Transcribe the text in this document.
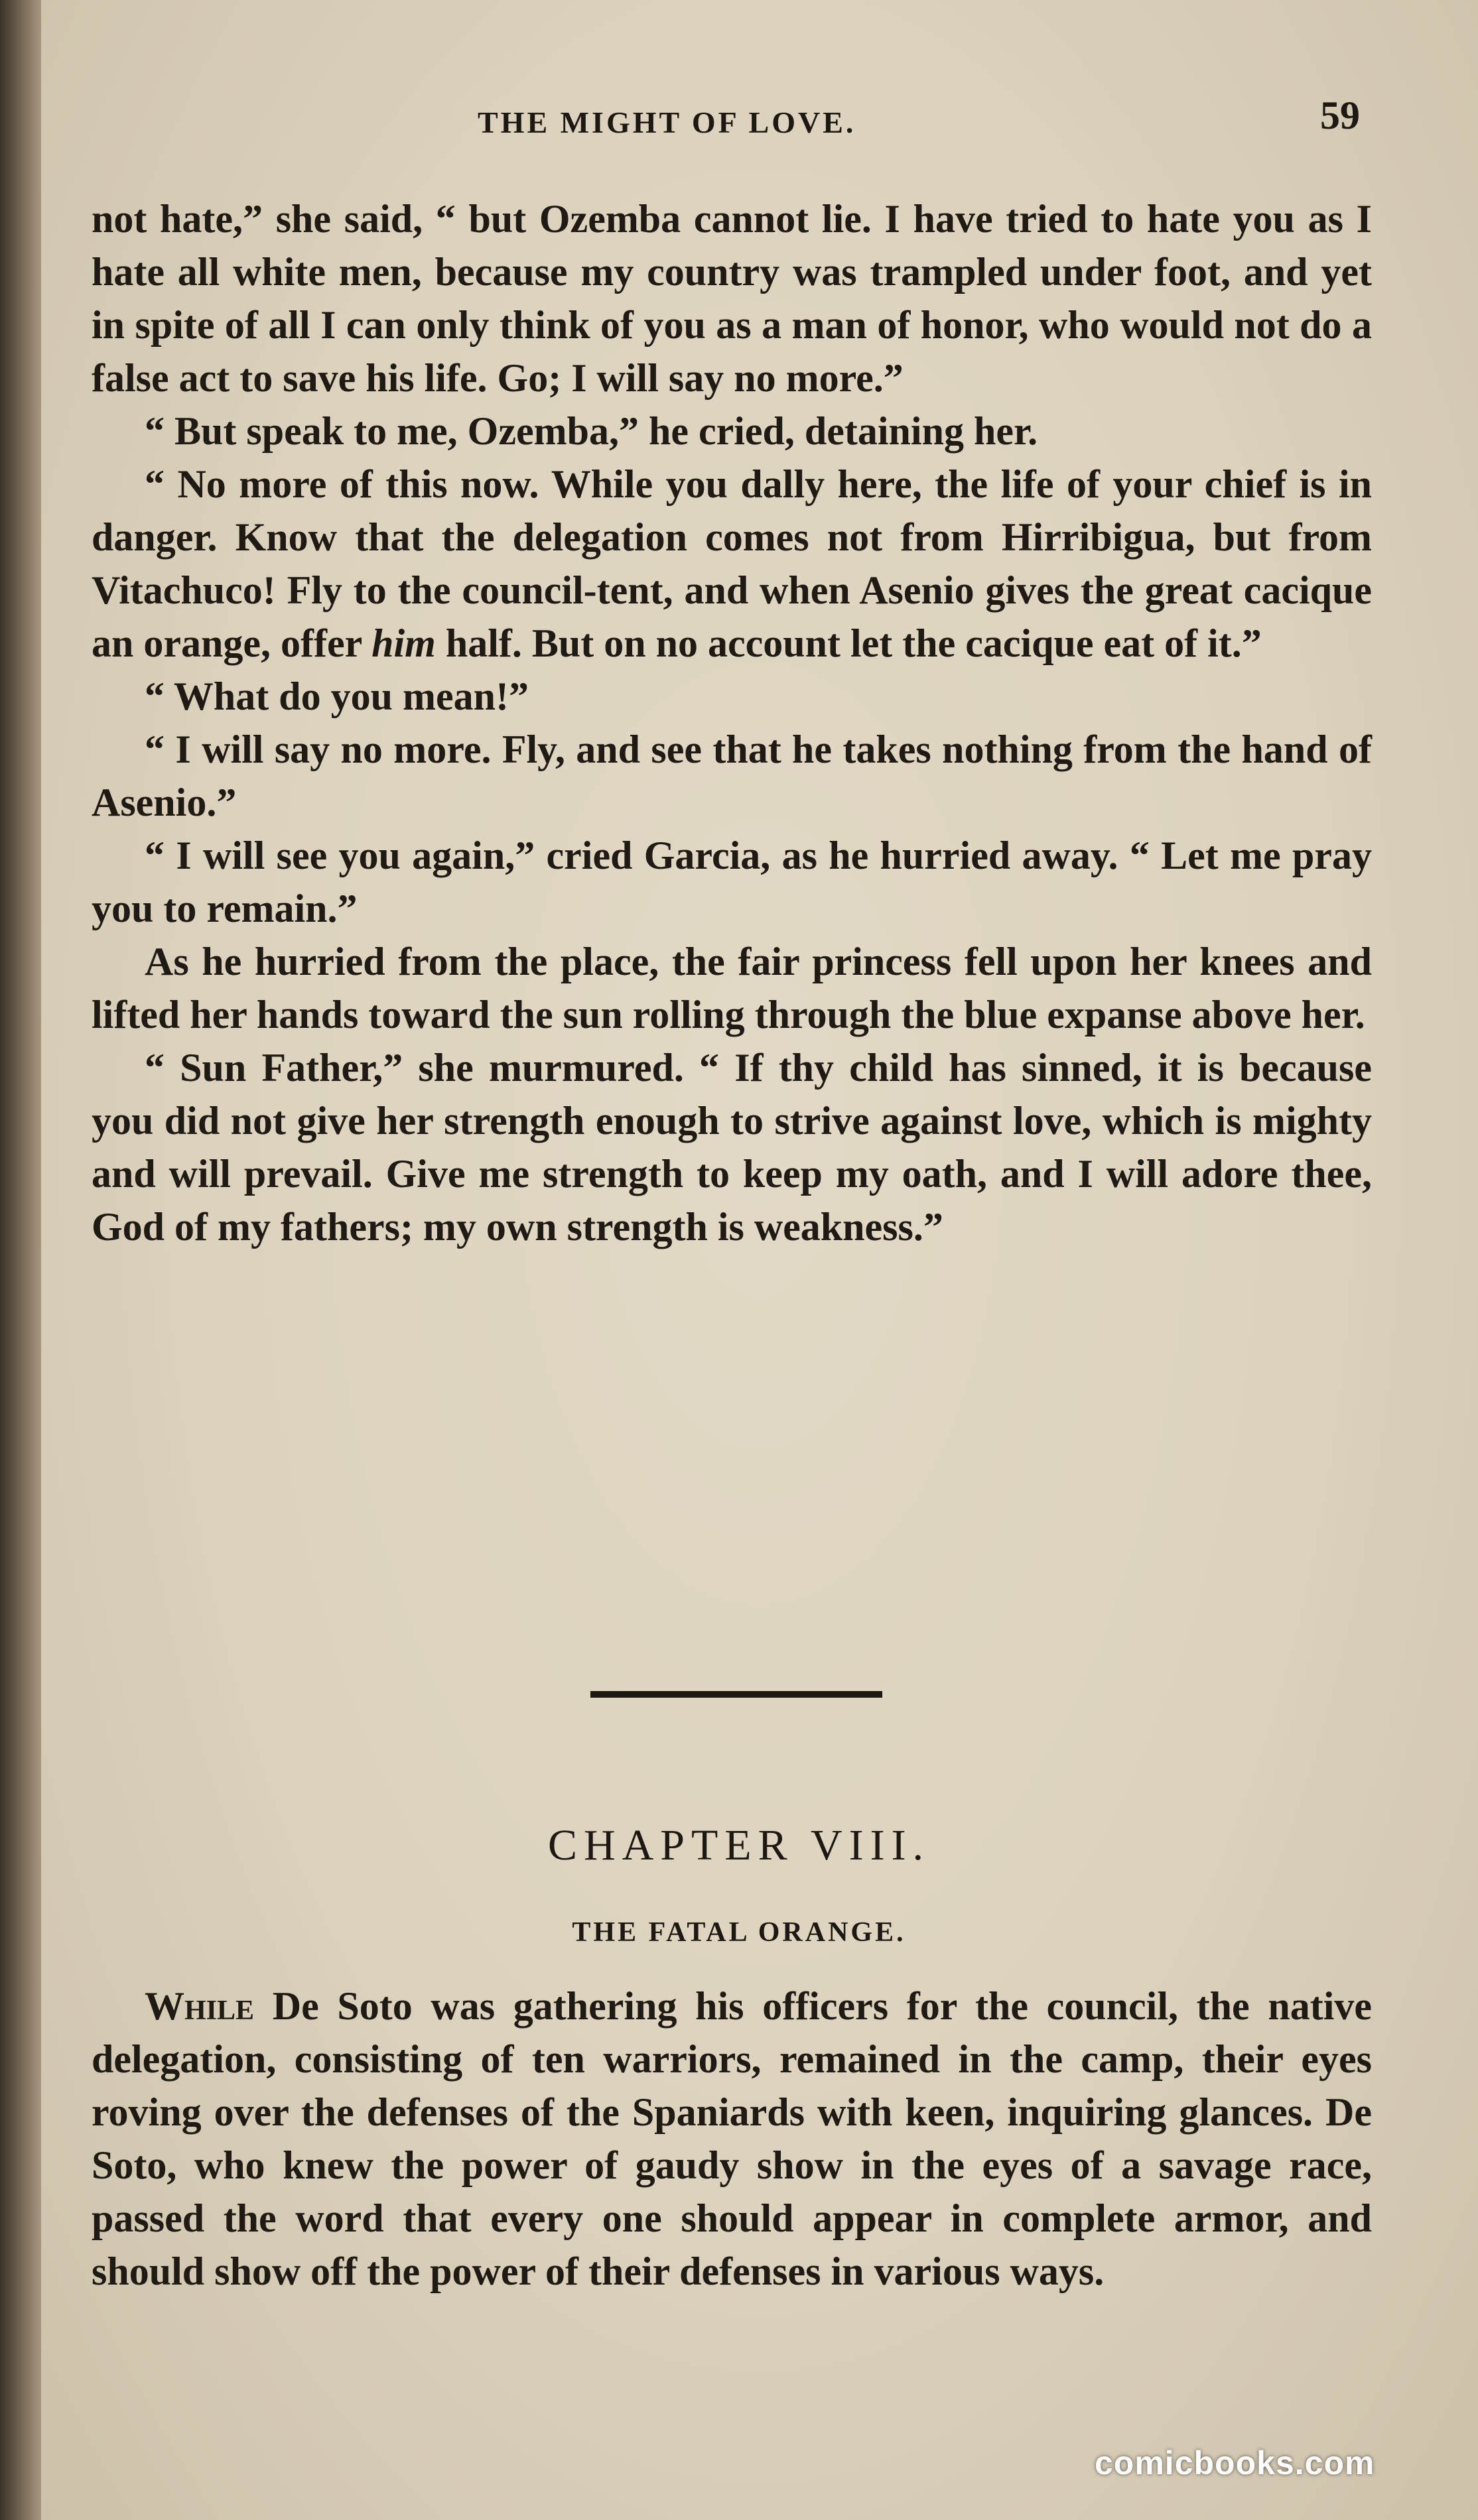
THE MIGHT OF LOVE.	59

not hate,” she said, “ but Ozemba cannot lie. I have tried to hate you as I hate all white men, because my country was trampled under foot, and yet in spite of all I can only think of you as a man of honor, who would not do a false act to save his life. Go; I will say no more.”

“ But speak to me, Ozemba,” he cried, detaining her.

“ No more of this now. While you dally here, the life of your chief is in danger. Know that the delegation comes not from Hirribigua, but from Vitachuco! Fly to the council-tent, and when Asenio gives the great cacique an orange, offer him half. But on no account let the cacique eat of it.”

“ What do you mean!”

“ I will say no more. Fly, and see that he takes nothing from the hand of Asenio.”

“ I will see you again,” cried Garcia, as he hurried away. “ Let me pray you to remain.”

As he hurried from the place, the fair princess fell upon her knees and lifted her hands toward the sun rolling through the blue expanse above her.

“ Sun Father,” she murmured. “ If thy child has sinned, it is because you did not give her strength enough to strive against love, which is mighty and will prevail. Give me strength to keep my oath, and I will adore thee, God of my fathers; my own strength is weakness.”

CHAPTER VIII.
THE FATAL ORANGE.
While De Soto was gathering his officers for the council, the native delegation, consisting of ten warriors, remained in the camp, their eyes roving over the defenses of the Spaniards with keen, inquiring glances. De Soto, who knew the power of gaudy show in the eyes of a savage race, passed the word that every one should appear in complete armor, and should show off the power of their defenses in various ways.
comicbooks.com
